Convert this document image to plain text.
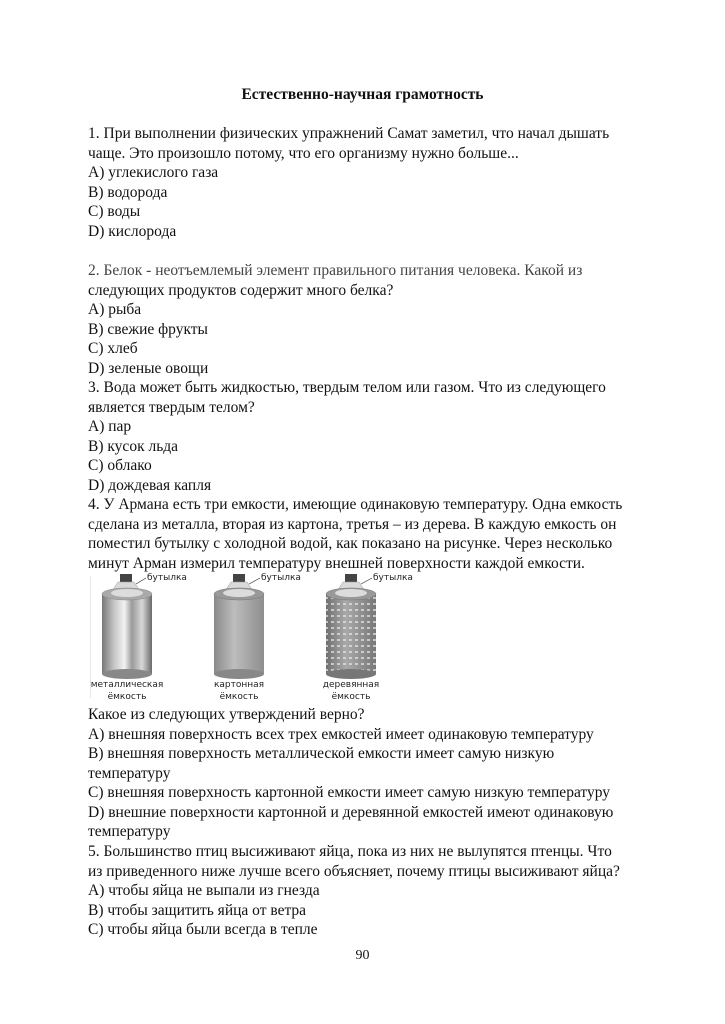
Естественно-научная грамотность
1. При выполнении физических упражнений Самат заметил, что начал дышать
чаще. Это произошло потому, что его организму нужно больше...
A) углекислого газа
B) водорода
C) воды
D) кислорода
2. Белок - неотъемлемый элемент правильного питания человека. Какой из
следующих продуктов содержит много белка?
A) рыба
B) свежие фрукты
C) хлеб
D) зеленые овощи
3. Вода может быть жидкостью, твердым телом или газом. Что из следующего
является твердым телом?
A) пар
B) кусок льда
C) облако
D) дождевая капля
4. У Армана есть три емкости, имеющие одинаковую температуру. Одна емкость
сделана из металла, вторая из картона, третья – из дерева. В каждую емкость он
поместил бутылку с холодной водой, как показано на рисунке. Через несколько
минут Арман измерил температуру внешней поверхности каждой емкости.
бутылка	бутылка	бутылка
металлическая
ёмкость
картонная
ёмкость
деревянная
ёмкость
Какое из следующих утверждений верно?
A) внешняя поверхность всех трех емкостей имеет одинаковую температуру
B) внешняя поверхность металлической емкости имеет самую низкую
температуру
C) внешняя поверхность картонной емкости имеет самую низкую температуру
D) внешние поверхности картонной и деревянной емкостей имеют одинаковую
температуру
5. Большинство птиц высиживают яйца, пока из них не вылупятся птенцы. Что
из приведенного ниже лучше всего объясняет, почему птицы высиживают яйца?
A) чтобы яйца не выпали из гнезда
B) чтобы защитить яйца от ветра
C) чтобы яйца были всегда в тепле
90
